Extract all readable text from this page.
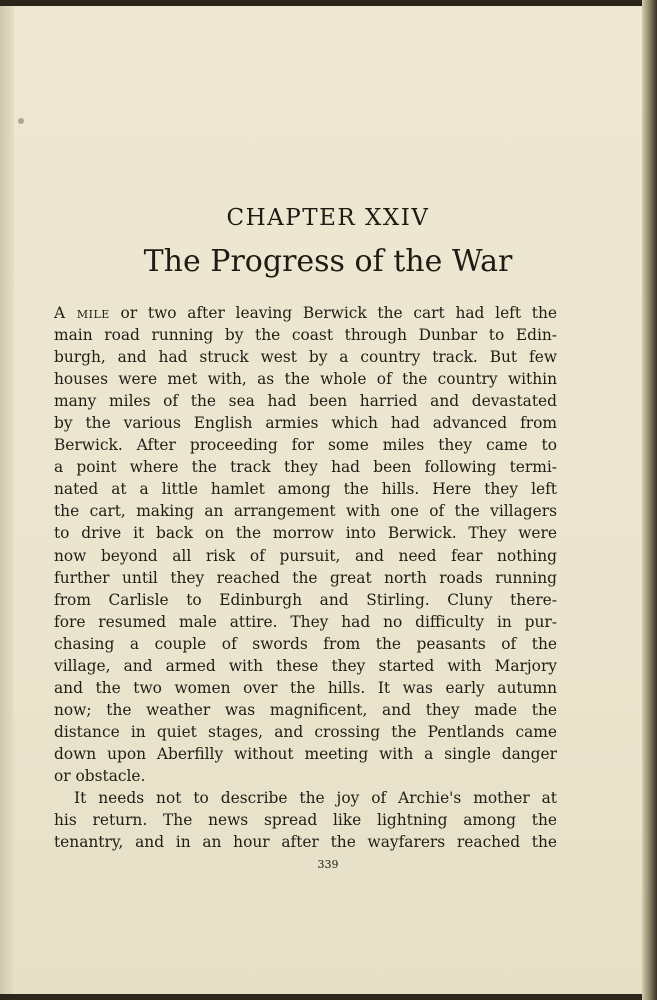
CHAPTER XXIV
The Progress of the War
A mile or two after leaving Berwick the cart had left the
main road running by the coast through Dunbar to Edin-
burgh, and had struck west by a country track. But few
houses were met with, as the whole of the country within
many miles of the sea had been harried and devastated
by the various English armies which had advanced from
Berwick. After proceeding for some miles they came to
a point where the track they had been following termi-
nated at a little hamlet among the hills. Here they left
the cart, making an arrangement with one of the villagers
to drive it back on the morrow into Berwick. They were
now beyond all risk of pursuit, and need fear nothing
further until they reached the great north roads running
from Carlisle to Edinburgh and Stirling. Cluny there-
fore resumed male attire. They had no difficulty in pur-
chasing a couple of swords from the peasants of the
village, and armed with these they started with Marjory
and the two women over the hills. It was early autumn
now; the weather was magnificent, and they made the
distance in quiet stages, and crossing the Pentlands came
down upon Aberfilly without meeting with a single danger
or obstacle.
It needs not to describe the joy of Archie's mother at
his return. The news spread like lightning among the
tenantry, and in an hour after the wayfarers reached the
339
